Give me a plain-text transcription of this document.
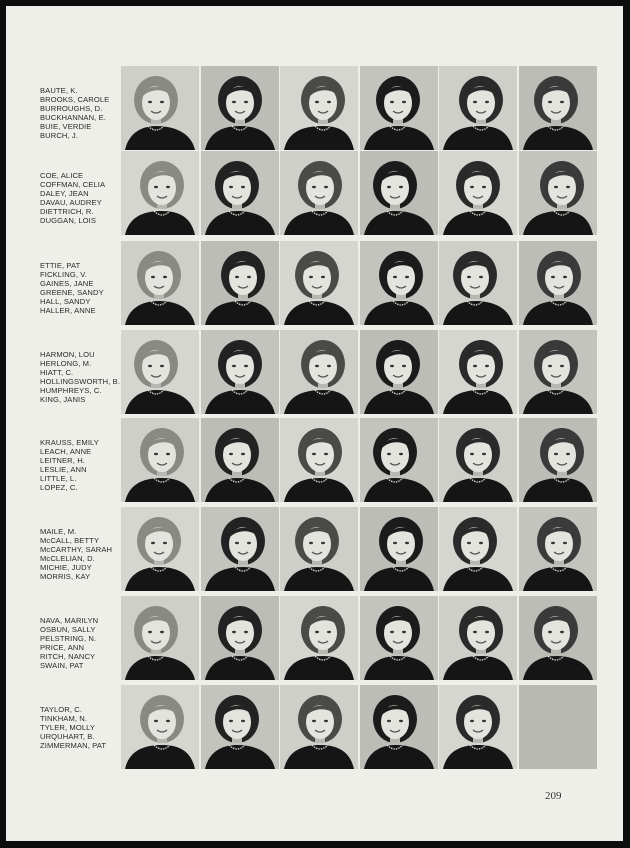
BAUTE, K.
BROOKS, CAROLE
BURROUGHS, D.
BUCKHANNAN, E.
BUIE, VERDIE
BURCH, J.
COE, ALICE
COFFMAN, CELIA
DALEY, JEAN
DAVAU, AUDREY
DIETTRICH, R.
DUGGAN, LOIS
ETTIE, PAT
FICKLING, V.
GAINES, JANE
GREENE, SANDY
HALL, SANDY
HALLER, ANNE
HARMON, LOU
HERLONG, M.
HIATT, C.
HOLLINGSWORTH, B.
HUMPHREYS, C.
KING, JANIS
KRAUSS, EMILY
LEACH, ANNE
LEITNER, H.
LESLIE, ANN
LITTLE, L.
LOPEZ, C.
MAILE, M.
McCALL, BETTY
McCARTHY, SARAH
McCLELIAN, D.
MICHIE, JUDY
MORRIS, KAY
NAVA, MARILYN
OSBUN, SALLY
PELSTRING, N.
PRICE, ANN
RITCH, NANCY
SWAIN, PAT
TAYLOR, C.
TINKHAM, N.
TYLER, MOLLY
URQUHART, B.
ZIMMERMAN, PAT
209
